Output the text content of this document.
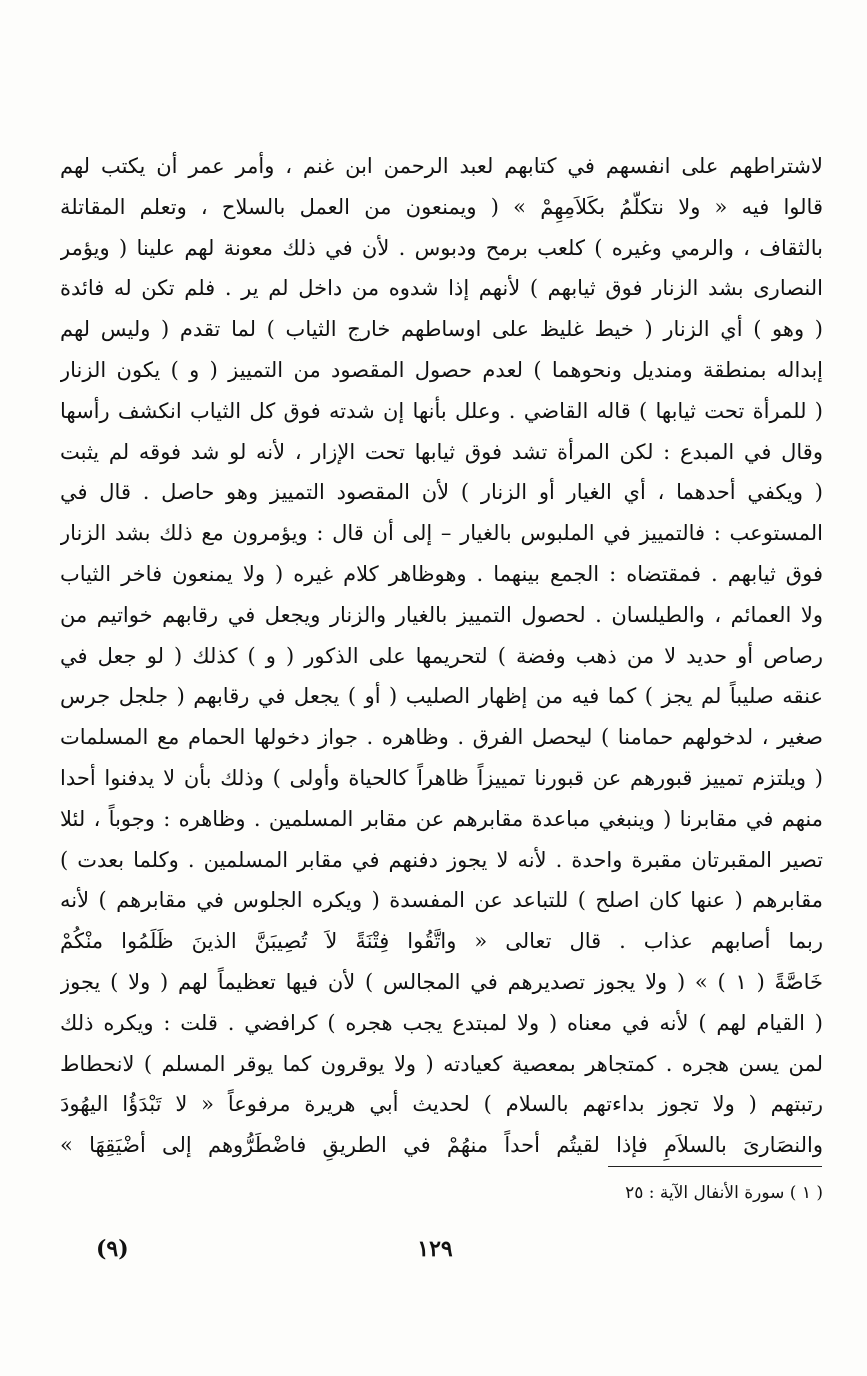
لاشتراطهم على انفسهم في كتابهم لعبد الرحمن ابن غنم ، وأمر عمر أن يكتب لهم
قالوا فيه « ولا نتكلّمُ بكَلاَمِهِمْ » ( ويمنعون من العمل بالسلاح ، وتعلم المقاتلة
بالثقاف ، والرمي وغيره ) كلعب برمح ودبوس . لأن في ذلك معونة لهم علينا ( ويؤمر
النصارى بشد الزنار فوق ثيابهم ) لأنهم إذا شدوه من داخل لم ير . فلم تكن له فائدة
( وهو ) أي الزنار ( خيط غليظ على اوساطهم خارج الثياب ) لما تقدم ( وليس لهم
إبداله بمنطقة ومنديل ونحوهما ) لعدم حصول المقصود من التمييز ( و ) يكون الزنار
( للمرأة تحت ثيابها ) قاله القاضي . وعلل بأنها إن شدته فوق كل الثياب انكشف رأسها
وقال في المبدع : لكن المرأة تشد فوق ثيابها تحت الإزار ، لأنه لو شد فوقه لم يثبت
( ويكفي أحدهما ، أي الغيار أو الزنار ) لأن المقصود التمييز وهو حاصل . قال في
المستوعب : فالتمييز في الملبوس بالغيار – إلى أن قال : ويؤمرون مع ذلك بشد الزنار
فوق ثيابهم . فمقتضاه : الجمع بينهما . وهوظاهر كلام غيره ( ولا يمنعون فاخر الثياب
ولا العمائم ، والطيلسان . لحصول التمييز بالغيار والزنار ويجعل في رقابهم خواتيم من
رصاص أو حديد لا من ذهب وفضة ) لتحريمها على الذكور ( و ) كذلك ( لو جعل في
عنقه صليباً لم يجز ) كما فيه من إظهار الصليب ( أو ) يجعل في رقابهم ( جلجل جرس
صغير ، لدخولهم حمامنا ) ليحصل الفرق . وظاهره . جواز دخولها الحمام مع المسلمات
( ويلتزم تمييز قبورهم عن قبورنا تمييزاً ظاهراً كالحياة وأولى ) وذلك بأن لا يدفنوا أحدا
منهم في مقابرنا ( وينبغي مباعدة مقابرهم عن مقابر المسلمين . وظاهره : وجوباً ، لئلا
تصير المقبرتان مقبرة واحدة . لأنه لا يجوز دفنهم في مقابر المسلمين . وكلما بعدت )
مقابرهم ( عنها كان اصلح ) للتباعد عن المفسدة ( ويكره الجلوس في مقابرهم ) لأنه
ربما أصابهم عذاب . قال تعالى « واتَّقُوا فِتْنَةً لاَ تُصِيبَنَّ الذينَ ظَلَمُوا منْكُمْ
خَاصَّةً ( ١ ) » ( ولا يجوز تصديرهم في المجالس ) لأن فيها تعظيماً لهم ( ولا ) يجوز
( القيام لهم ) لأنه في معناه ( ولا لمبتدع يجب هجره ) كرافضي . قلت : ويكره ذلك
لمن يسن هجره . كمتجاهر بمعصية كعيادته ( ولا يوقرون كما يوقر المسلم ) لانحطاط
رتبتهم ( ولا تجوز بداءتهم بالسلام ) لحديث أبي هريرة مرفوعاً « لا تَبْدَؤُا اليهُودَ
والنصَارىَ بالسلاَمِ فإذا لقيتُم أحداً منهُمْ في الطريقِ فاضْطَرُّوهم إلى أضْيَقِهَا »
( ١ ) سورة الأنفال الآية : ٢٥
١٢٩
(٩)
